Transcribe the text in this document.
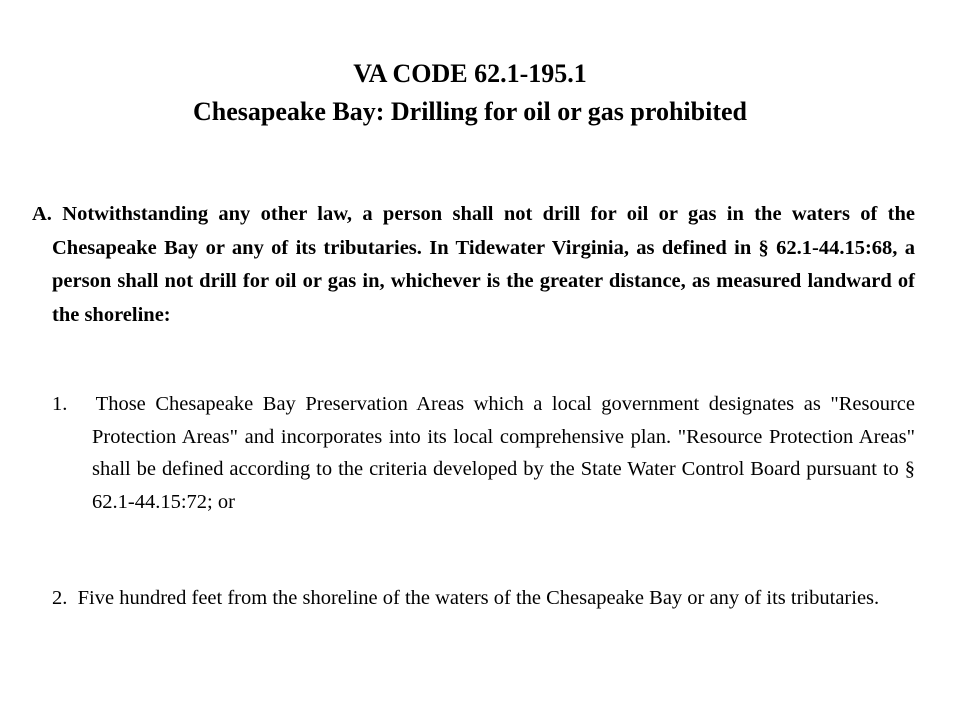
VA CODE 62.1-195.1
Chesapeake Bay: Drilling for oil or gas prohibited
A. Notwithstanding any other law, a person shall not drill for oil or gas in the waters of the Chesapeake Bay or any of its tributaries. In Tidewater Virginia, as defined in § 62.1-44.15:68, a person shall not drill for oil or gas in, whichever is the greater distance, as measured landward of the shoreline:
1. Those Chesapeake Bay Preservation Areas which a local government designates as "Resource Protection Areas" and incorporates into its local comprehensive plan. "Resource Protection Areas" shall be defined according to the criteria developed by the State Water Control Board pursuant to § 62.1-44.15:72; or
2. Five hundred feet from the shoreline of the waters of the Chesapeake Bay or any of its tributaries.
